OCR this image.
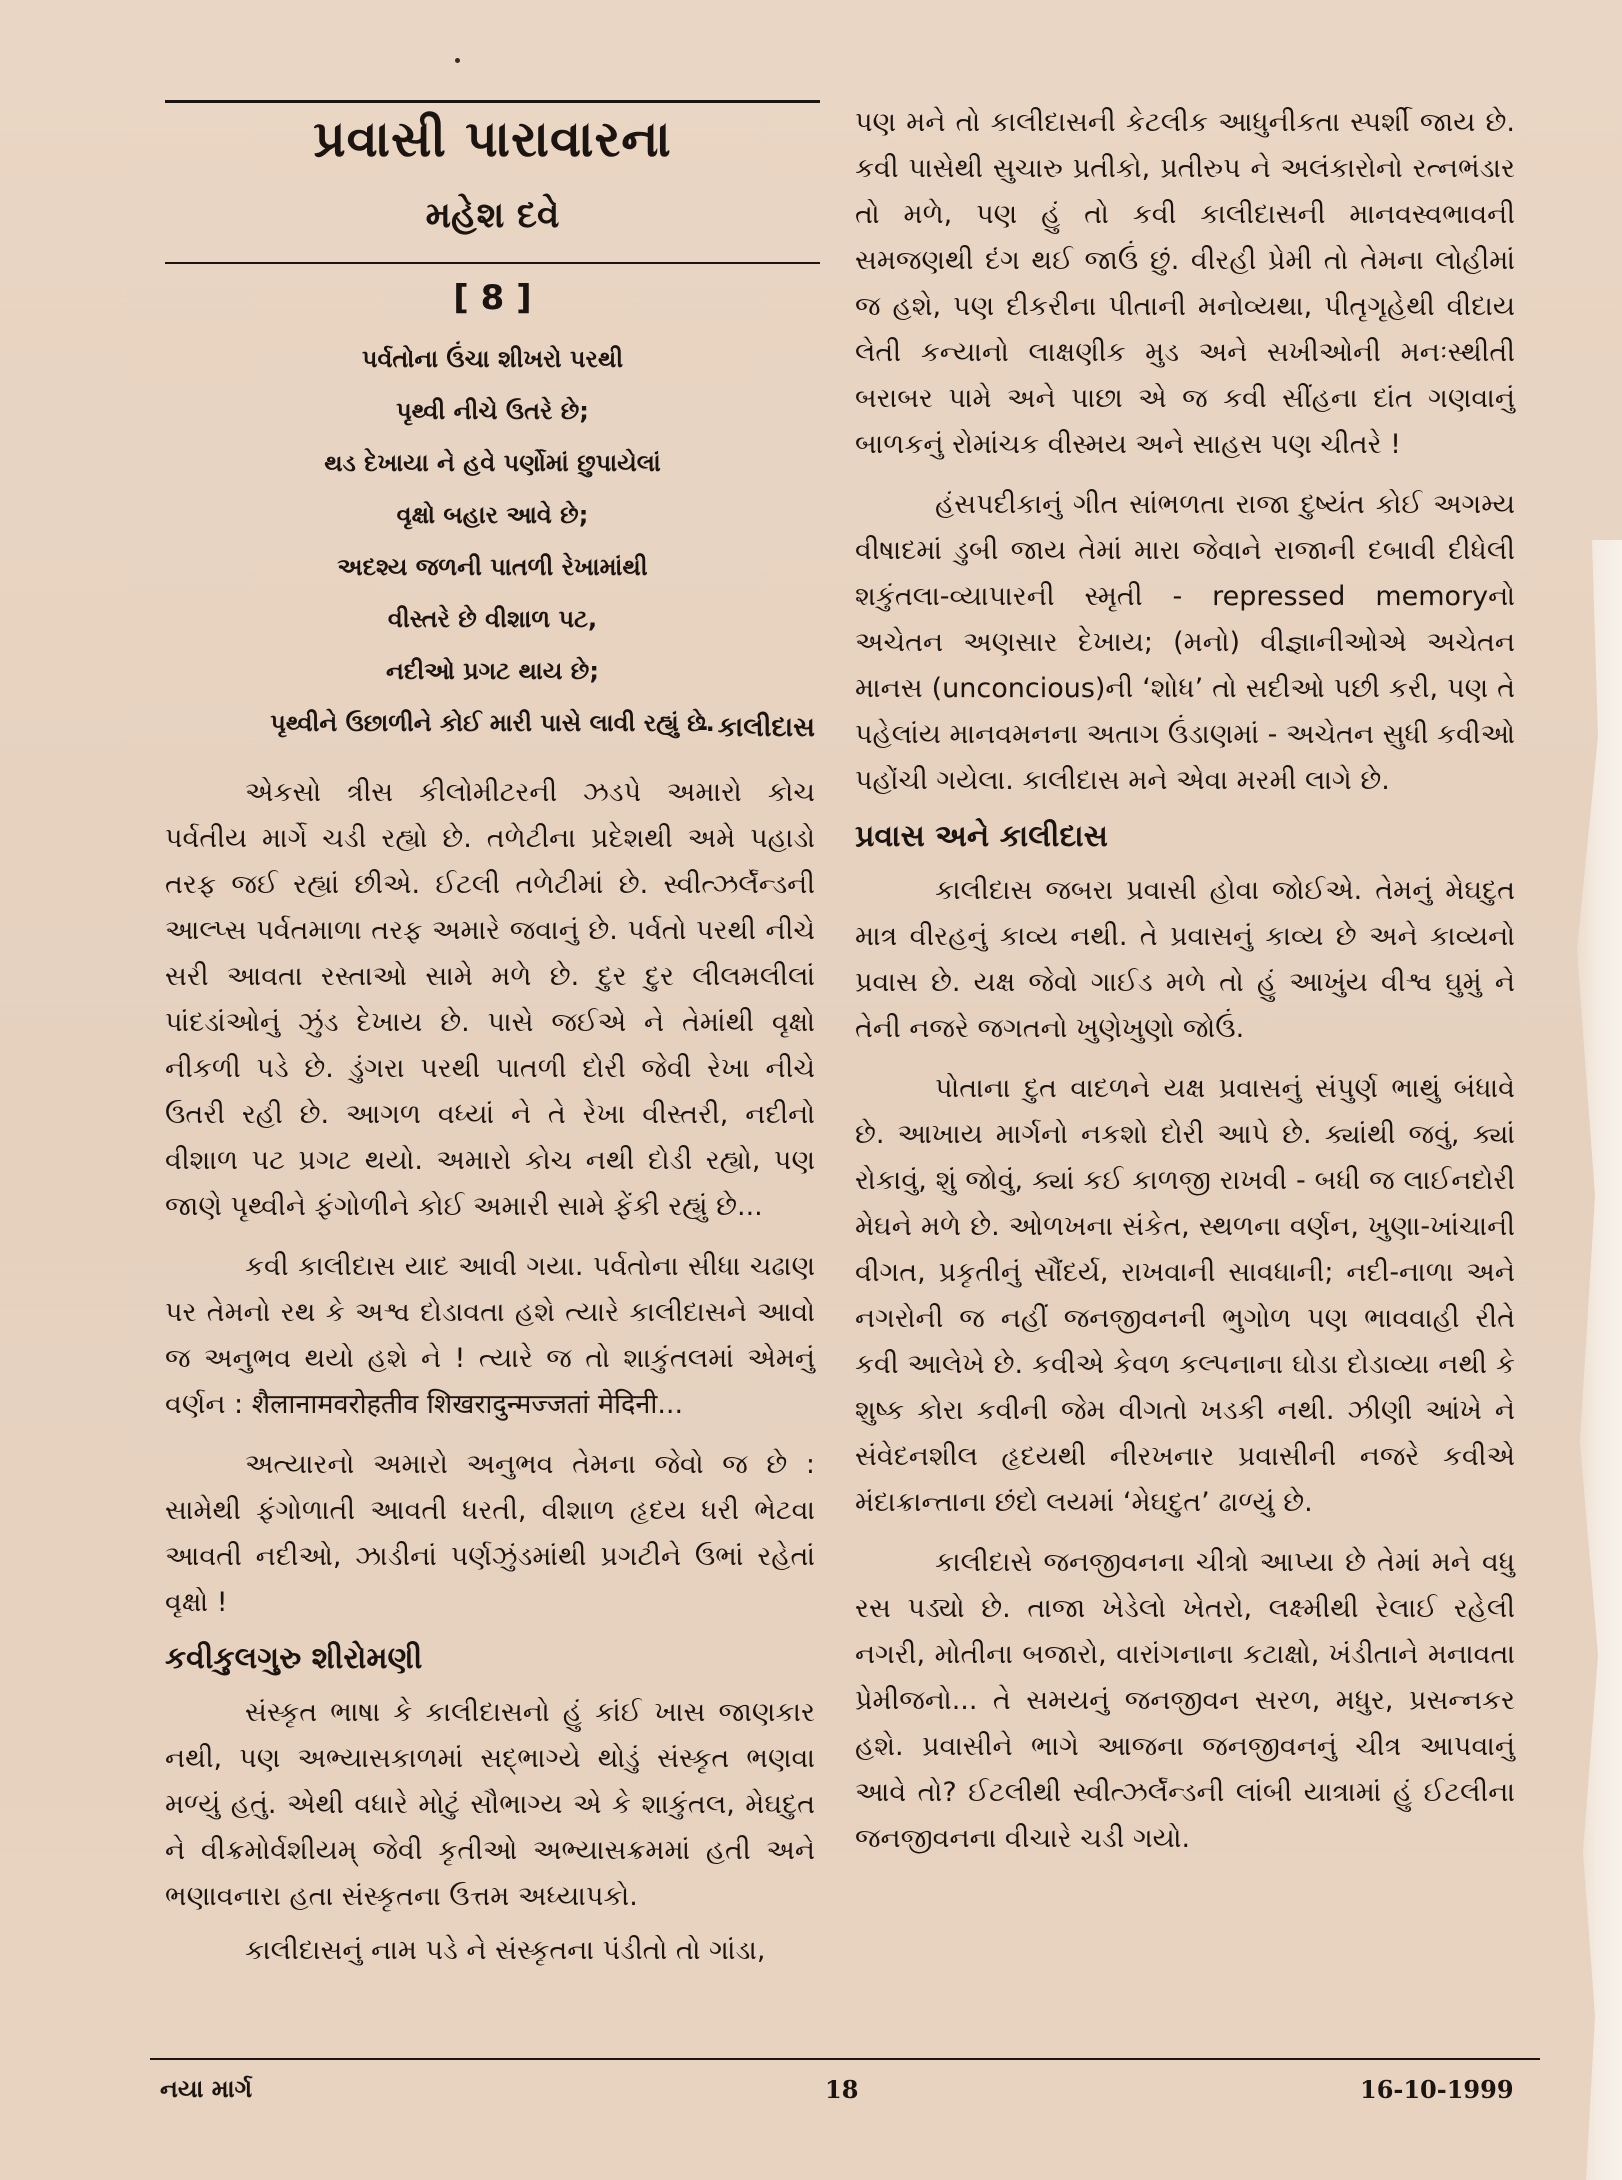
પ્રવાસી પારાવારના
મહેશ દવે
[ 8 ]
પર્વતોના ઉંચા શીખરો પરથી
પૃથ્વી નીચે ઉતરે છે;
થડ દેખાયા ને હવે પર્ણોમાં છુપાયેલાં
વૃક્ષો બહાર આવે છે;
અદશ્ય જળની પાતળી રેખામાંથી
વીસ્તરે છે વીશાળ પટ,
નદીઓ પ્રગટ થાય છે;
પૃથ્વીને ઉછાળીને કોઈ મારી પાસે લાવી રહ્યું છે.
- કાલીદાસ

એકસો ત્રીસ કીલોમીટરની ઝડપે અમારો કોચ પર્વતીય માર્ગે ચડી રહ્યો છે. તળેટીના પ્રદેશથી અમે પહાડો તરફ જઈ રહ્યાં છીએ. ઈટલી તળેટીમાં છે. સ્વીત્ઝર્લૅન્ડની આલ્પ્સ પર્વતમાળા તરફ અમારે જવાનું છે. પર્વતો પરથી નીચે સરી આવતા રસ્તાઓ સામે મળે છે. દુર દુર લીલમલીલાં પાંદડાંઓનું ઝુંડ દેખાય છે. પાસે જઈએ ને તેમાંથી વૃક્ષો નીકળી પડે છે. ડુંગરા પરથી પાતળી દોરી જેવી રેખા નીચે ઉતરી રહી છે. આગળ વધ્યાં ને તે રેખા વીસ્તરી, નદીનો વીશાળ પટ પ્રગટ થયો. અમારો કોચ નથી દોડી રહ્યો, પણ જાણે પૃથ્વીને ફંગોળીને કોઈ અમારી સામે ફેંકી રહ્યું છે...

કવી કાલીદાસ યાદ આવી ગયા. પર્વતોના સીધા ચઢાણ પર તેમનો રથ કે અશ્વ દોડાવતા હશે ત્યારે કાલીદાસને આવો જ અનુભવ થયો હશે ને ! ત્યારે જ તો શાકુંતલમાં એમનું વર્ણન : शैलानामवरोहतीव शिखरादुन्मज्जतां मेदिनी...

અત્યારનો અમારો અનુભવ તેમના જેવો જ છે : સામેથી ફંગોળાતી આવતી ધરતી, વીશાળ હૃદય ધરી ભેટવા આવતી નદીઓ, ઝાડીનાં પર્ણઝુંડમાંથી પ્રગટીને ઉભાં રહેતાં વૃક્ષો !

કવીકુલગુરુ શીરોમણી

સંસ્કૃત ભાષા કે કાલીદાસનો હું કાંઈ ખાસ જાણકાર નથી, પણ અભ્યાસકાળમાં સદ્ભાગ્યે થોડું સંસ્કૃત ભણવા મળ્યું હતું. એથી વધારે મોટું સૌભાગ્ય એ કે શાકુંતલ, મેઘદુત ને વીક્રમોર્વશીયમ્ જેવી કૃતીઓ અભ્યાસક્રમમાં હતી અને ભણાવનારા હતા સંસ્કૃતના ઉત્તમ અધ્યાપકો.

કાલીદાસનું નામ પડે ને સંસ્કૃતના પંડીતો તો ગાંડા,

પણ મને તો કાલીદાસની કેટલીક આધુનીકતા સ્પર્શી જાય છે. કવી પાસેથી સુચારુ પ્રતીકો, પ્રતીરુપ ને અલંકારોનો રત્નભંડાર તો મળે, પણ હું તો કવી કાલીદાસની માનવસ્વભાવની સમજણથી દંગ થઈ જાઉં છું. વીરહી પ્રેમી તો તેમના લોહીમાં જ હશે, પણ દીકરીના પીતાની મનોવ્યથા, પીતૃગૃહેથી વીદાય લેતી કન્યાનો લાક્ષણીક મુડ અને સખીઓની મનઃસ્થીતી બરાબર પામે અને પાછા એ જ કવી સીંહના દાંત ગણવાનું બાળકનું રોમાંચક વીસ્મય અને સાહસ પણ ચીતરે !

હંસપદીકાનું ગીત સાંભળતા રાજા દુષ્યંત કોઈ અગમ્ય વીષાદમાં ડુબી જાય તેમાં મારા જેવાને રાજાની દબાવી દીધેલી શકુંતલા-વ્યાપારની સ્મૃતી - repressed memoryનો અચેતન અણસાર દેખાય; (મનો) વીજ્ઞાનીઓએ અચેતન માનસ (unconcious)ની ‘શોધ’ તો સદીઓ પછી કરી, પણ તે પહેલાંય માનવમનના અતાગ ઉંડાણમાં - અચેતન સુધી કવીઓ પહોંચી ગયેલા. કાલીદાસ મને એવા મરમી લાગે છે.

પ્રવાસ અને કાલીદાસ

કાલીદાસ જબરા પ્રવાસી હોવા જોઈએ. તેમનું મેઘદુત માત્ર વીરહનું કાવ્ય નથી. તે પ્રવાસનું કાવ્ય છે અને કાવ્યનો પ્રવાસ છે. યક્ષ જેવો ગાઈડ મળે તો હું આખુંય વીશ્વ ઘુમું ને તેની નજરે જગતનો ખુણેખુણો જોઉં.

પોતાના દુત વાદળને યક્ષ પ્રવાસનું સંપુર્ણ ભાથું બંધાવે છે. આખાય માર્ગનો નકશો દોરી આપે છે. ક્યાંથી જવું, ક્યાં રોકાવું, શું જોવું, ક્યાં કઈ કાળજી રાખવી - બધી જ લાઈનદોરી મેઘને મળે છે. ઓળખના સંકેત, સ્થળના વર્ણન, ખુણા-ખાંચાની વીગત, પ્રકૃતીનું સૌંદર્ય, રાખવાની સાવધાની; નદી-નાળા અને નગરોની જ નહીં જનજીવનની ભુગોળ પણ ભાવવાહી રીતે કવી આલેખે છે. કવીએ કેવળ કલ્પનાના ઘોડા દોડાવ્યા નથી કે શુષ્ક કોરા કવીની જેમ વીગતો ખડકી નથી. ઝીણી આંખે ને સંવેદનશીલ હૃદયથી નીરખનાર પ્રવાસીની નજરે કવીએ મંદાક્રાન્તાના છંદો લયમાં ‘મેઘદુત’ ઢાળ્યું છે.

કાલીદાસે જનજીવનના ચીત્રો આપ્યા છે તેમાં મને વધુ રસ પડ્યો છે. તાજા ખેડેલો ખેતરો, લક્ષ્મીથી રેલાઈ રહેલી નગરી, મોતીના બજારો, વારાંગનાના કટાક્ષો, ખંડીતાને મનાવતા પ્રેમીજનો... તે સમયનું જનજીવન સરળ, મધુર, પ્રસન્નકર હશે. પ્રવાસીને ભાગે આજના જનજીવનનું ચીત્ર આપવાનું આવે તો? ઈટલીથી સ્વીત્ઝર્લૅન્ડની લાંબી યાત્રામાં હું ઈટલીના જનજીવનના વીચારે ચડી ગયો.

નયા માર્ગ	18	16-10-1999
